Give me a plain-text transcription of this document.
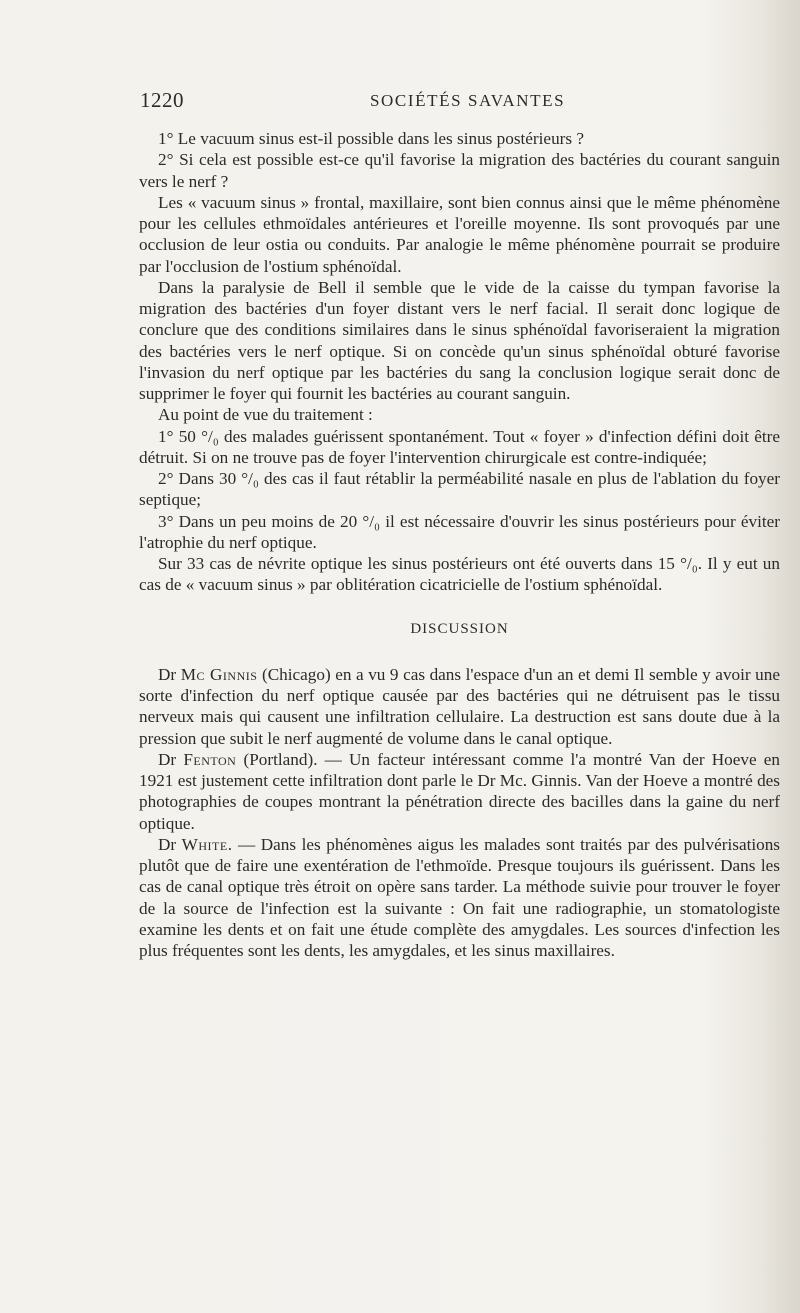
1220	SOCIÉTÉS SAVANTES

1° Le vacuum sinus est-il possible dans les sinus postérieurs ?

2° Si cela est possible est-ce qu'il favorise la migration des bactéries du courant sanguin vers le nerf ?

Les « vacuum sinus » frontal, maxillaire, sont bien connus ainsi que le même phénomène pour les cellules ethmoïdales antérieures et l'oreille moyenne. Ils sont provoqués par une occlusion de leur ostia ou conduits. Par analogie le même phénomène pourrait se produire par l'occlusion de l'ostium sphénoïdal.

Dans la paralysie de Bell il semble que le vide de la caisse du tympan favorise la migration des bactéries d'un foyer distant vers le nerf facial. Il serait donc logique de conclure que des conditions similaires dans le sinus sphénoïdal favoriseraient la migration des bactéries vers le nerf optique. Si on concède qu'un sinus sphénoïdal obturé favorise l'invasion du nerf optique par les bactéries du sang la conclusion logique serait donc de supprimer le foyer qui fournit les bactéries au courant sanguin.

Au point de vue du traitement :

1° 50 °/₀ des malades guérissent spontanément. Tout « foyer » d'infection défini doit être détruit. Si on ne trouve pas de foyer l'intervention chirurgicale est contre-indiquée;

2° Dans 30 °/₀ des cas il faut rétablir la perméabilité nasale en plus de l'ablation du foyer septique;

3° Dans un peu moins de 20 °/₀ il est nécessaire d'ouvrir les sinus postérieurs pour éviter l'atrophie du nerf optique.

Sur 33 cas de névrite optique les sinus postérieurs ont été ouverts dans 15 °/₀. Il y eut un cas de « vacuum sinus » par oblitération cicatricielle de l'ostium sphénoïdal.

DISCUSSION

Dr Mc Ginnis (Chicago) en a vu 9 cas dans l'espace d'un an et demi Il semble y avoir une sorte d'infection du nerf optique causée par des bactéries qui ne détruisent pas le tissu nerveux mais qui causent une infiltration cellulaire. La destruction est sans doute due à la pression que subit le nerf augmenté de volume dans le canal optique.

Dr Fenton (Portland). — Un facteur intéressant comme l'a montré Van der Hoeve en 1921 est justement cette infiltration dont parle le Dr Mc. Ginnis. Van der Hoeve a montré des photographies de coupes montrant la pénétration directe des bacilles dans la gaine du nerf optique.

Dr White. — Dans les phénomènes aigus les malades sont traités par des pulvérisations plutôt que de faire une exentération de l'ethmoïde. Presque toujours ils guérissent. Dans les cas de canal optique très étroit on opère sans tarder. La méthode suivie pour trouver le foyer de la source de l'infection est la suivante : On fait une radiographie, un stomatologiste examine les dents et on fait une étude complète des amygdales. Les sources d'infection les plus fréquentes sont les dents, les amygdales, et les sinus maxillaires.
